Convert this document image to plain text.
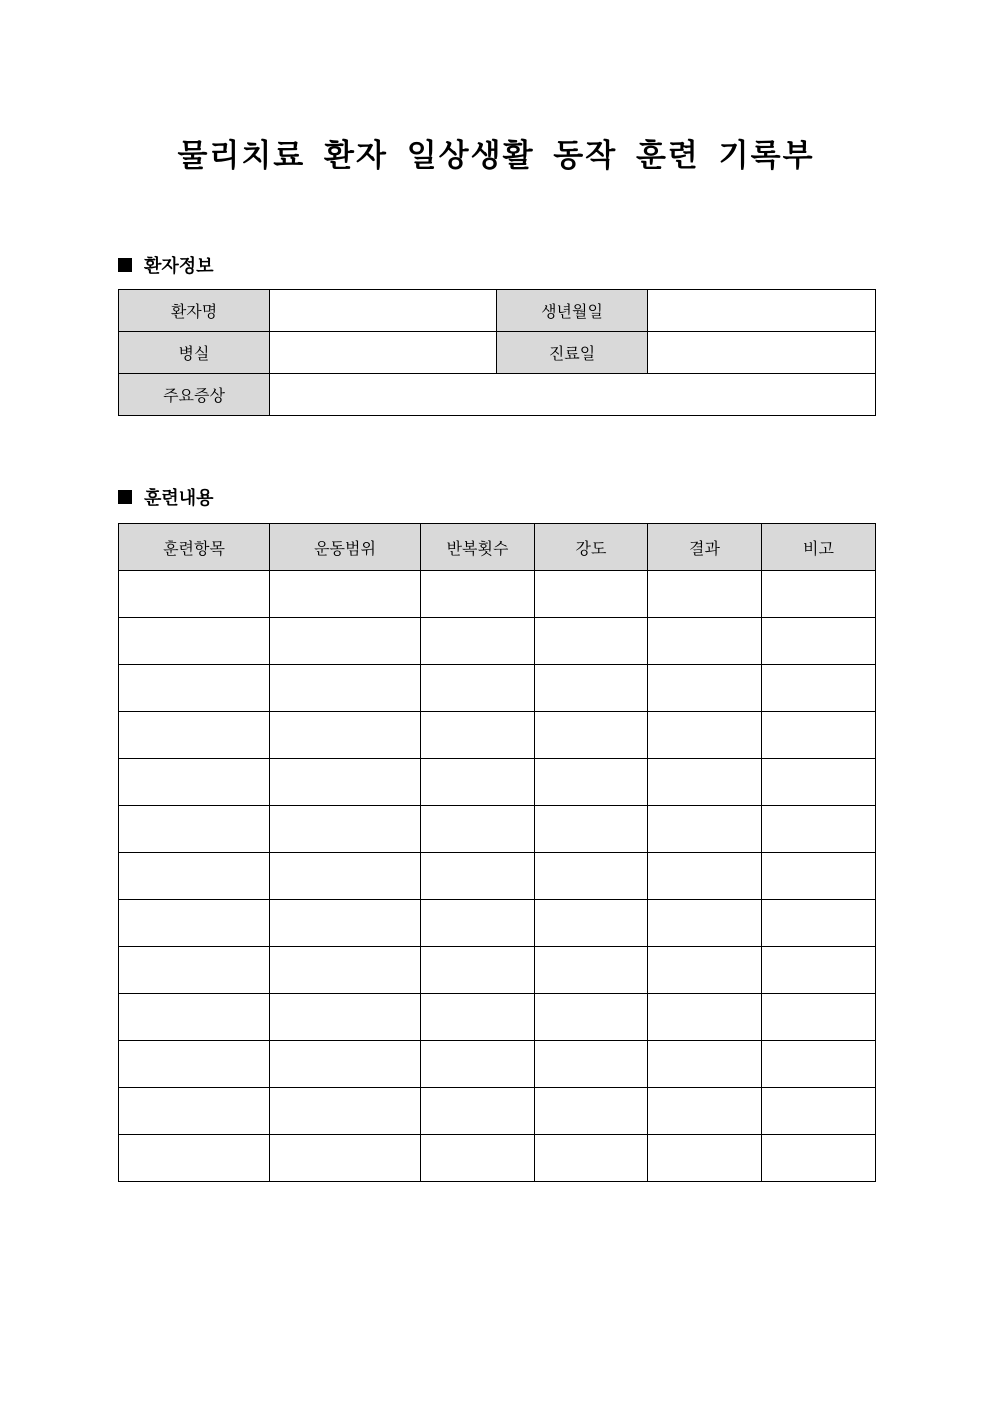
물리치료 환자 일상생활 동작 훈련 기록부
환자정보
환자명		생년월일	
병실		진료일	
주요증상			
훈련내용
훈련항목	운동범위	반복횟수	강도	결과	비고
